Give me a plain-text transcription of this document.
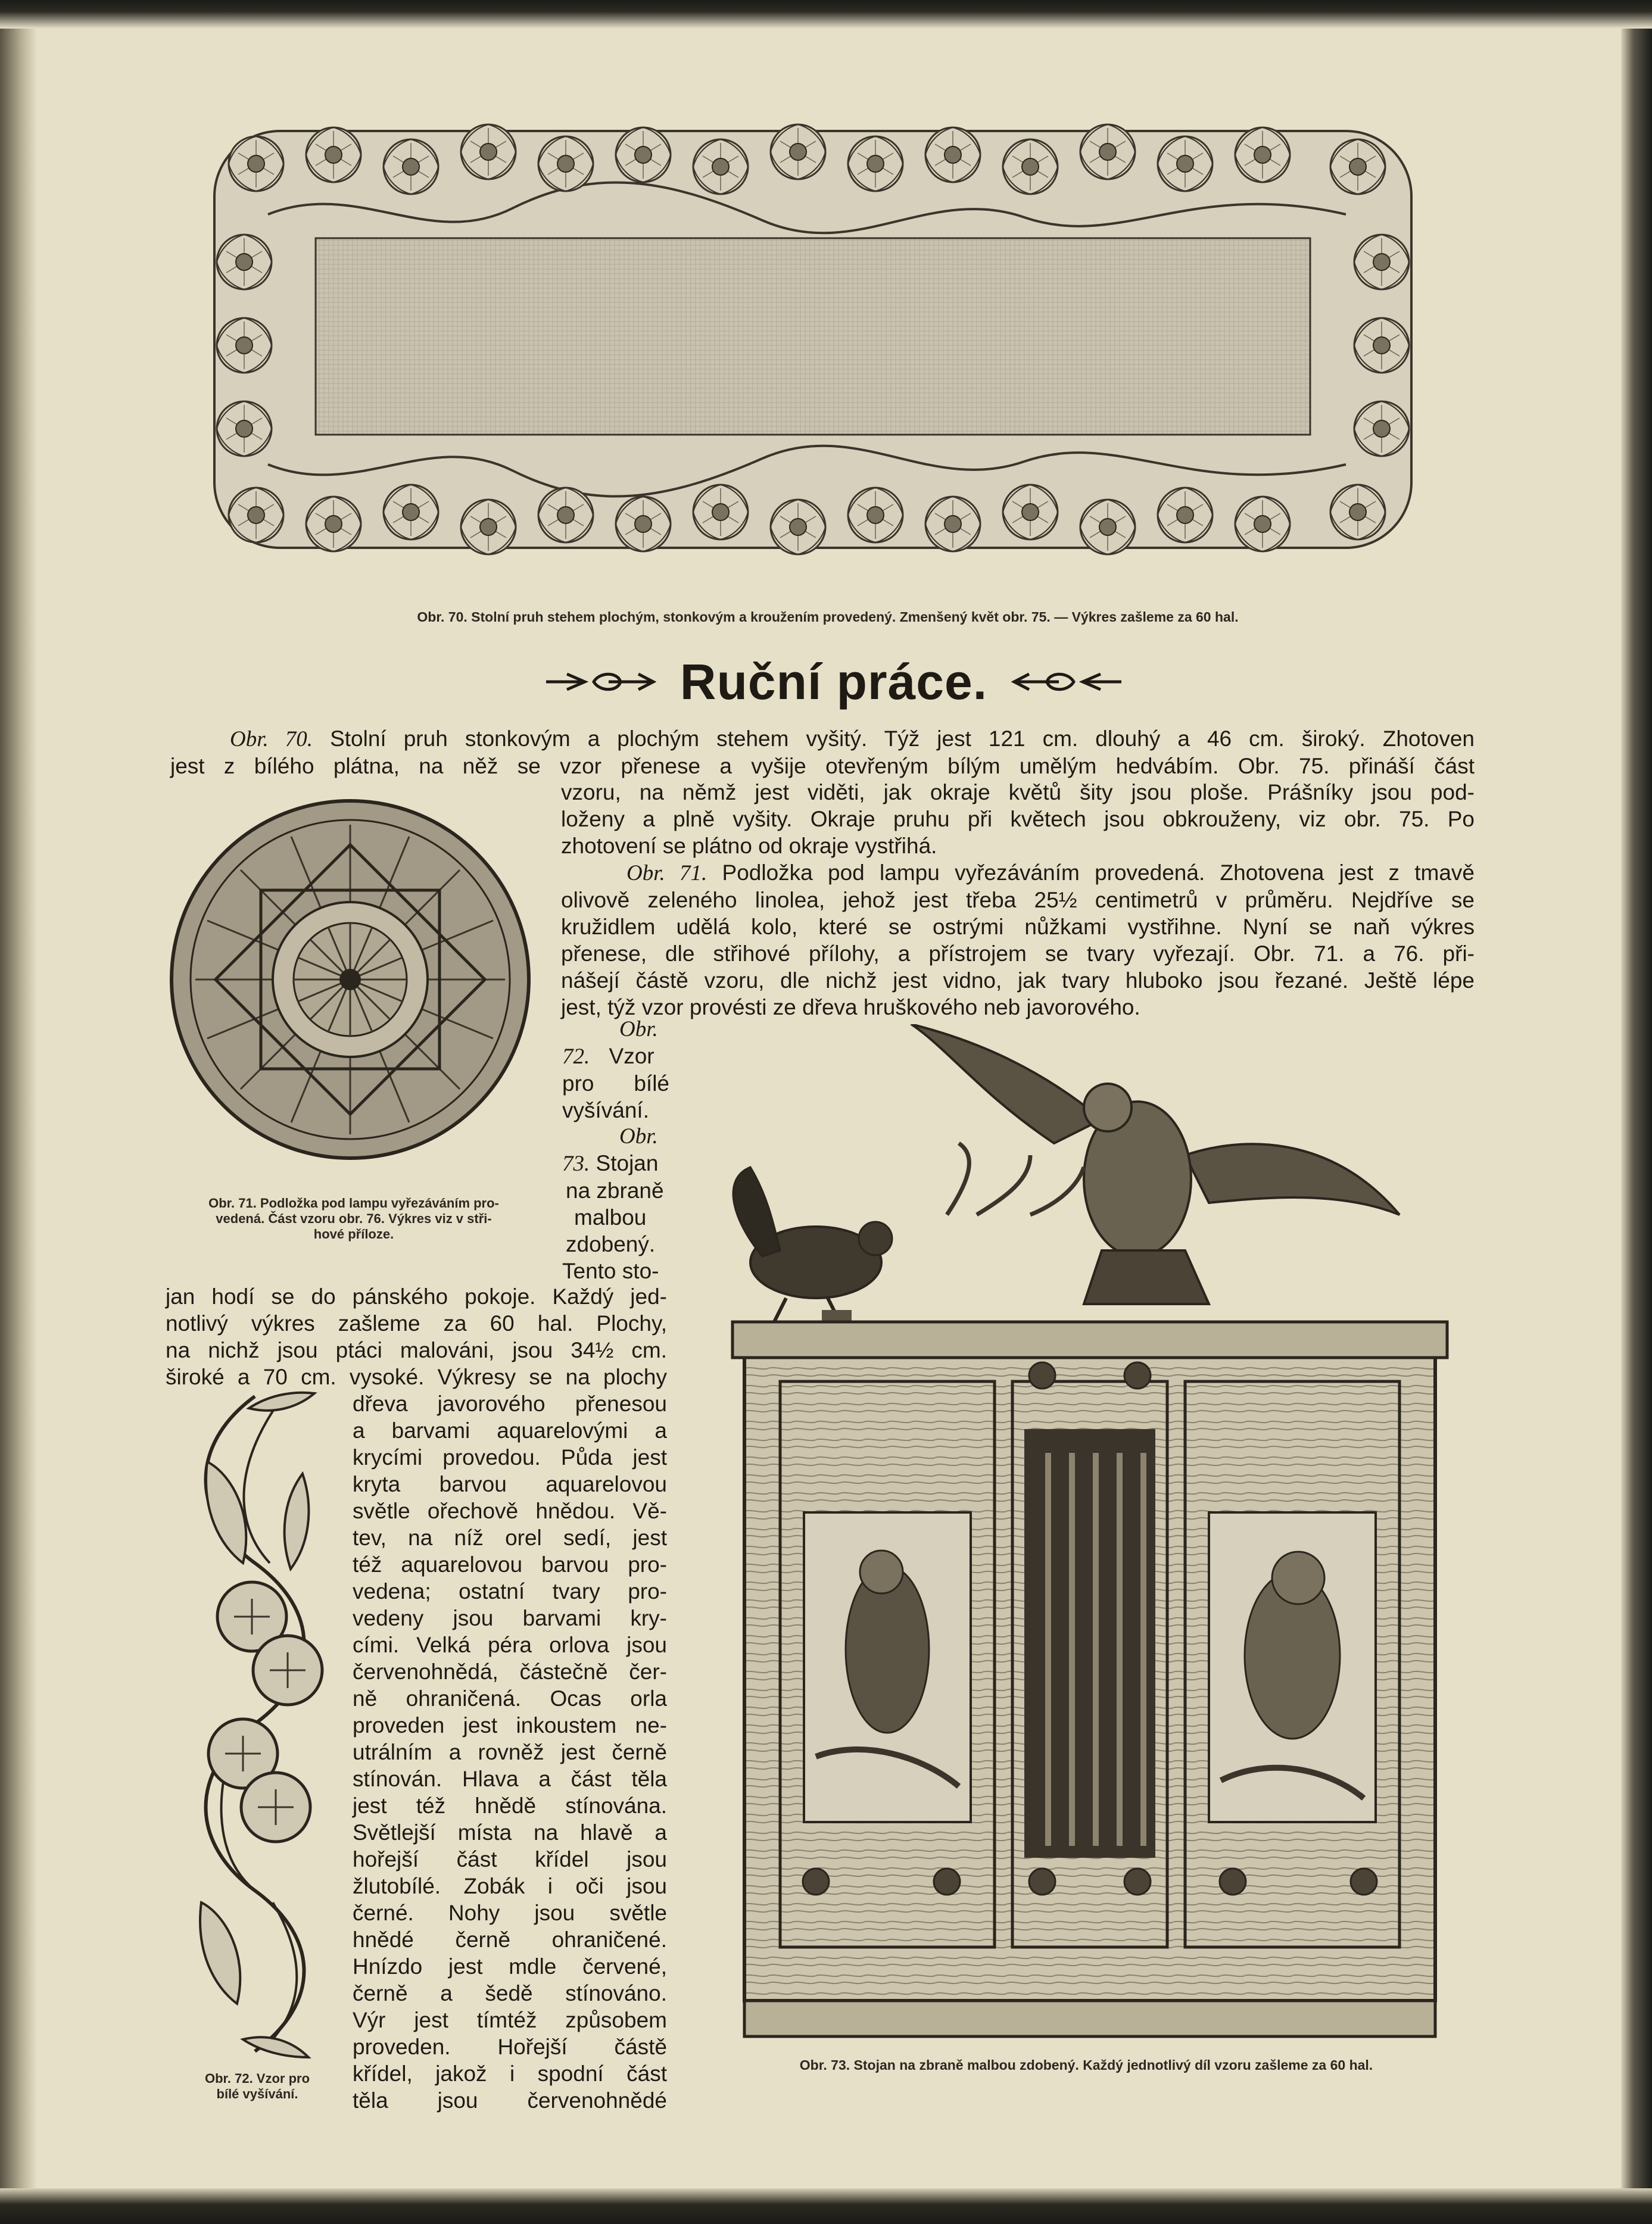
Obr. 70. Stolní pruh stehem plochým, stonkovým a kroužením provedený. Zmenšený květ obr. 75. — Výkres zašleme za 60 hal.
Ruční práce.

Obr. 70. Stolní pruh stonkovým a plochým stehem vyšitý. Týž jest 121 cm. dlouhý a 46 cm. široký. Zhotoven
jest z bílého plátna, na něž se vzor přenese a vyšije otevřeným bílým umělým hedvábím. Obr. 75. přináší část

vzoru, na němž jest viděti, jak okraje květů šity jsou ploše. Prášníky jsou pod-
loženy a plně vyšity. Okraje pruhu při květech jsou obkrouženy, viz obr. 75. Po
zhotovení se plátno od okraje vystřihá.

Obr. 71. Podložka pod lampu vyřezáváním provedená. Zhotovena jest z tmavě
olivově zeleného linolea, jehož jest třeba 25½ centimetrů v průměru. Nejdříve se
kružidlem udělá kolo, které se ostrými nůžkami vystřihne. Nyní se naň výkres
přenese, dle střihové přílohy, a přístrojem se tvary vyřezají. Obr. 71. a 76. při-
nášejí částě vzoru, dle nichž jest vidno, jak tvary hluboko jsou řezané. Ještě lépe
jest, týž vzor provésti ze dřeva hruškového neb javorového.

Obr. 71. Podložka pod lampu vyřezáváním pro-
vedená. Část vzoru obr. 76. Výkres viz v stři-
hové příloze.

Obr.
72. Vzor
pro bílé
vyšívání.

Obr.
73. Stojan
na zbraně
malbou
zdobený.
Tento sto-

jan hodí se do pánského pokoje. Každý jed-
notlivý výkres zašleme za 60 hal. Plochy,
na nichž jsou ptáci malováni, jsou 34½ cm.
široké a 70 cm. vysoké. Výkresy se na plochy

Obr. 72. Vzor pro
bílé vyšívání.

dřeva javorového přenesou
a barvami aquarelovými a
krycími provedou. Půda jest
kryta barvou aquarelovou
světle ořechově hnědou. Vě-
tev, na níž orel sedí, jest
též aquarelovou barvou pro-
vedena; ostatní tvary pro-
vedeny jsou barvami kry-
cími. Velká péra orlova jsou
červenohnědá, částečně čer-
ně ohraničená. Ocas orla
proveden jest inkoustem ne-
utrálním a rovněž jest černě
stínován. Hlava a část těla
jest též hnědě stínována.
Světlejší místa na hlavě a
hořejší část křídel jsou
žlutobílé. Zobák i oči jsou
černé. Nohy jsou světle
hnědé černě ohraničené.
Hnízdo jest mdle červené,
černě a šedě stínováno.
Výr jest tímtéž způsobem
proveden. Hořejší částě
křídel, jakož i spodní část
těla jsou červenohnědé

Obr. 73. Stojan na zbraně malbou zdobený. Každý jednotlivý díl vzoru zašleme za 60 hal.
